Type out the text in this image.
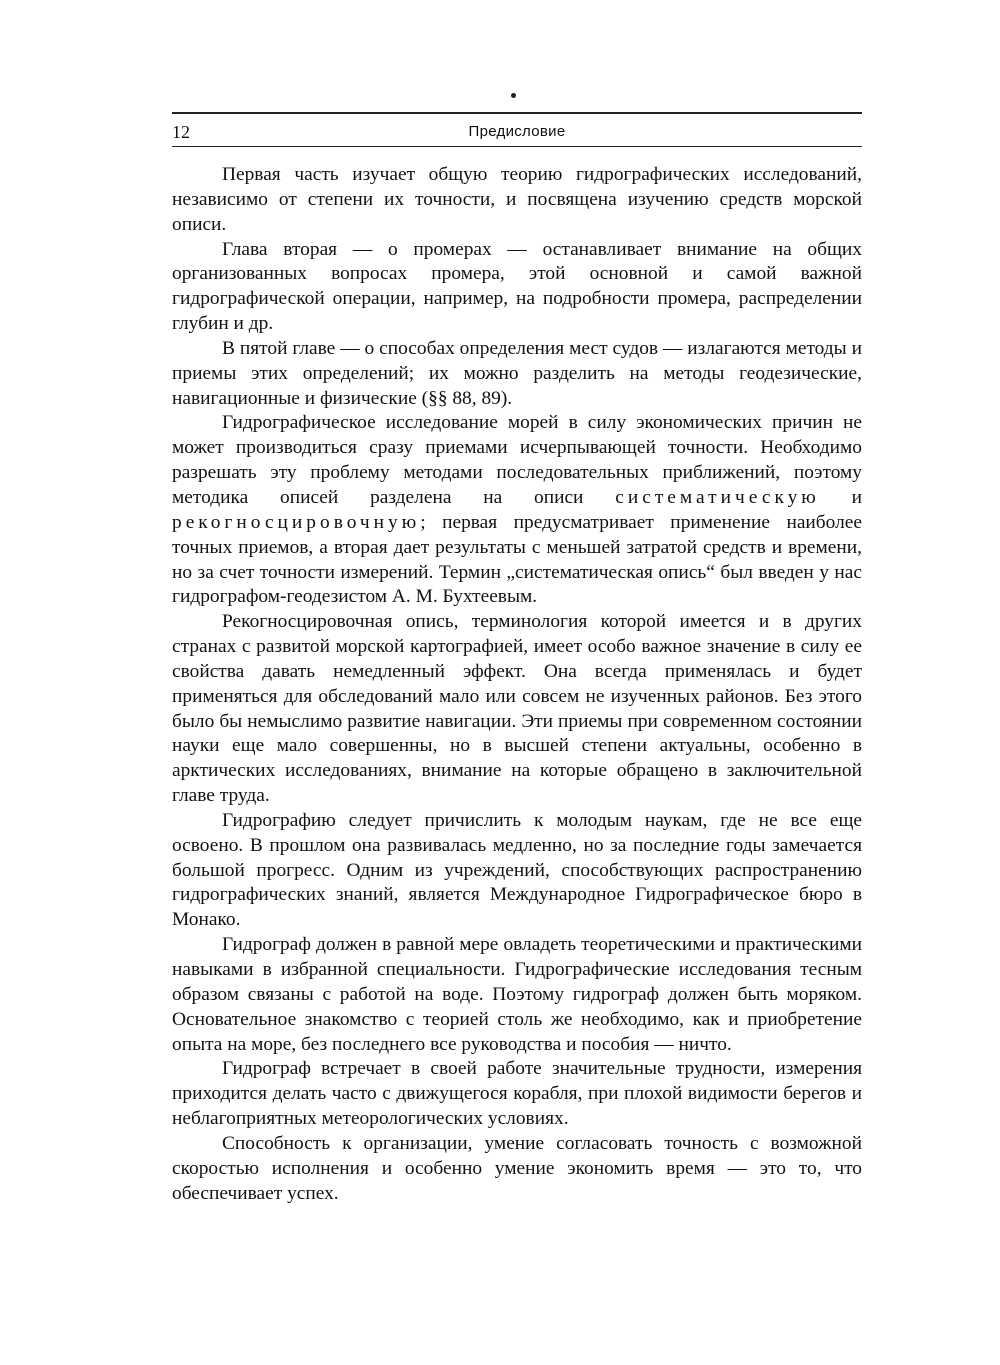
12	Предисловие

Первая часть изучает общую теорию гидрографических исследований, независимо от степени их точности, и посвящена изучению средств морской описи.

Глава вторая — о промерах — останавливает внимание на общих организованных вопросах промера, этой основной и самой важной гидрографической операции, например, на подробности промера, распределении глубин и др.

В пятой главе — о способах определения мест судов — излагаются методы и приемы этих определений; их можно разделить на методы геодезические, навигационные и физические (§§ 88, 89).

Гидрографическое исследование морей в силу экономических причин не может производиться сразу приемами исчерпывающей точности. Необходимо разрешать эту проблему методами последовательных приближений, поэтому методика описей разделена на описи систематическую и рекогносцировочную; первая предусматривает применение наиболее точных приемов, а вторая дает результаты с меньшей затратой средств и времени, но за счет точности измерений. Термин „систематическая опись“ был введен у нас гидрографом-геодезистом А. М. Бухтеевым.

Рекогносцировочная опись, терминология которой имеется и в других странах с развитой морской картографией, имеет особо важное значение в силу ее свойства давать немедленный эффект. Она всегда применялась и будет применяться для обследований мало или совсем не изученных районов. Без этого было бы немыслимо развитие навигации. Эти приемы при современном состоянии науки еще мало совершенны, но в высшей степени актуальны, особенно в арктических исследованиях, внимание на которые обращено в заключительной главе труда.

Гидрографию следует причислить к молодым наукам, где не все еще освоено. В прошлом она развивалась медленно, но за последние годы замечается большой прогресс. Одним из учреждений, способствующих распространению гидрографических знаний, является Международное Гидрографическое бюро в Монако.

Гидрограф должен в равной мере овладеть теоретическими и практическими навыками в избранной специальности. Гидрографические исследования тесным образом связаны с работой на воде. Поэтому гидрограф должен быть моряком. Основательное знакомство с теорией столь же необходимо, как и приобретение опыта на море, без последнего все руководства и пособия — ничто.

Гидрограф встречает в своей работе значительные трудности, измерения приходится делать часто с движущегося корабля, при плохой видимости берегов и неблагоприятных метеорологических условиях.

Способность к организации, умение согласовать точность с возможной скоростью исполнения и особенно умение экономить время — это то, что обеспечивает успех.
